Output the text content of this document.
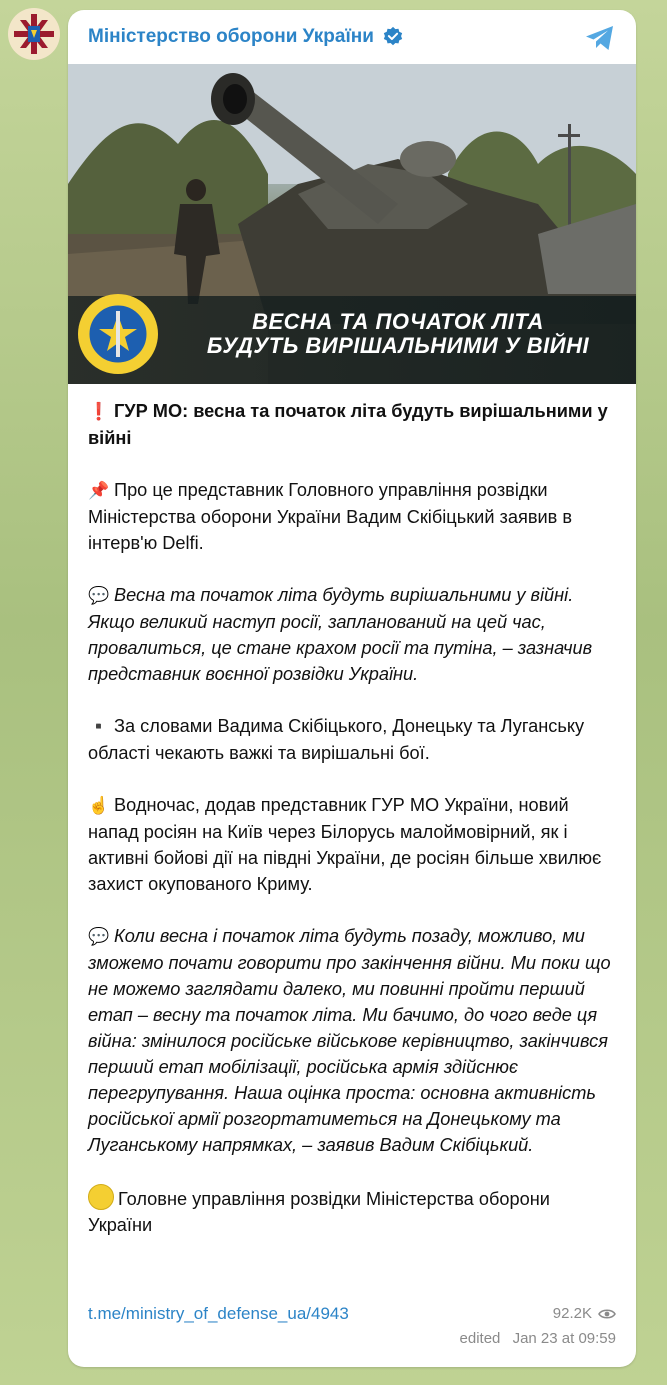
Міністерство оборони України
ВЕСНА ТА ПОЧАТОК ЛІТА
БУДУТЬ ВИРІШАЛЬНИМИ У ВІЙНІ

❗ ГУР МО: весна та початок літа будуть вирішальними у війні

📌 Про це представник Головного управління розвідки Міністерства оборони України Вадим Скібіцький заявив в інтерв'ю Delfi.

💬 Весна та початок літа будуть вирішальними у війні. Якщо великий наступ росії, запланований на цей час, провалиться, це стане крахом росії та путіна, – зазначив представник воєнної розвідки України.

▪️ За словами Вадима Скібіцького, Донецьку та Луганську області чекають важкі та вирішальні бої.

☝️ Водночас, додав представник ГУР МО України, новий напад росіян на Київ через Білорусь малоймовірний, як і активні бойові дії на півдні України, де росіян більше хвилює захист окупованого Криму.

💬 Коли весна і початок літа будуть позаду, можливо, ми зможемо почати говорити про закінчення війни. Ми поки що не можемо заглядати далеко, ми повинні пройти перший етап – весну та початок літа. Ми бачимо, до чого веде ця війна: змінилося російське військове керівництво, закінчився перший етап мобілізації, російська армія здійснює перегрупування. Наша оцінка проста: основна активність російської армії розгортатиметься на Донецькому та Луганському напрямках, – заявив Вадим Скібіцький.

Головне управління розвідки Міністерства оборони України

t.me/ministry_of_defense_ua/4943	92.2K
edited Jan 23 at 09:59
